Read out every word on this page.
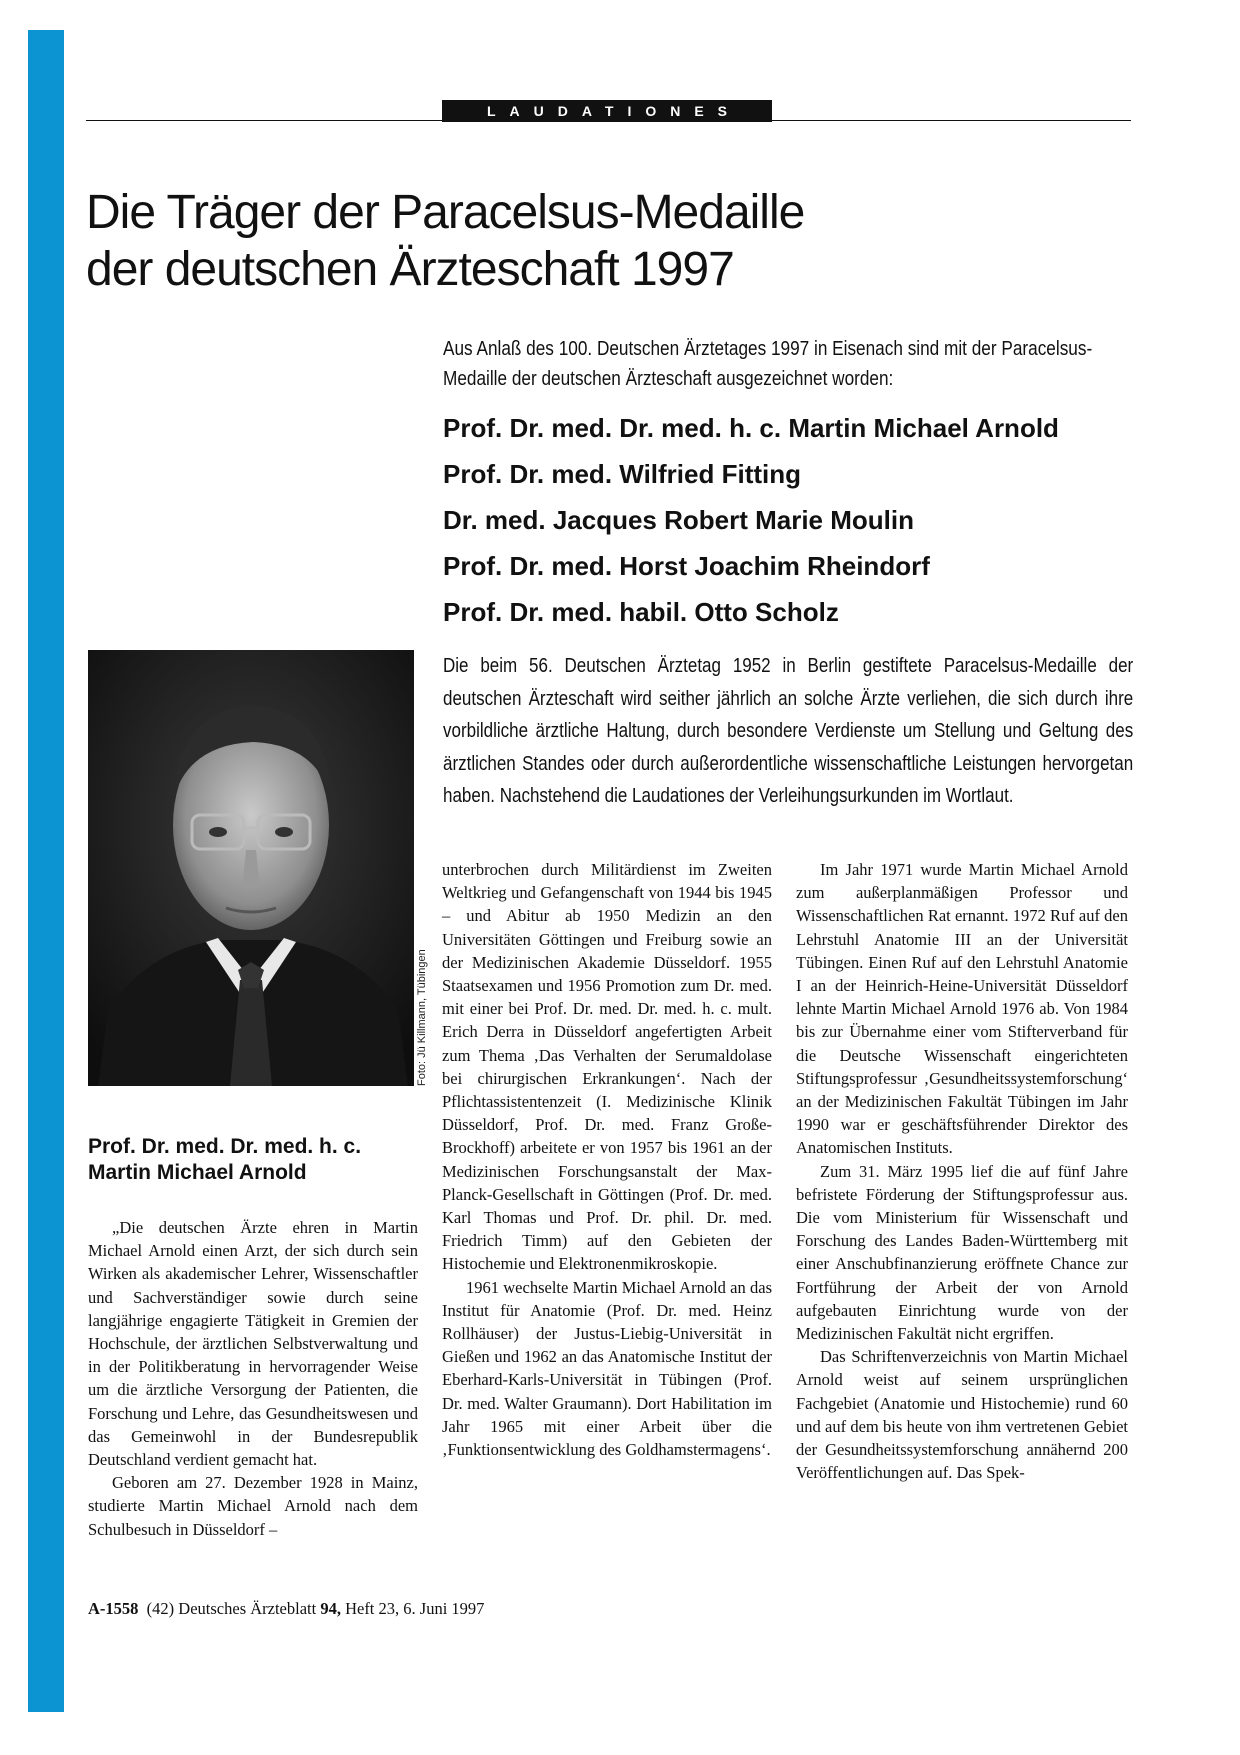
LAUDATIONES
Die Träger der Paracelsus-Medaille
der deutschen Ärzteschaft 1997

Aus Anlaß des 100. Deutschen Ärztetages 1997 in Eisenach sind mit der Paracelsus-Medaille der deutschen Ärzteschaft ausgezeichnet worden:

Prof. Dr. med. Dr. med. h. c. Martin Michael Arnold
Prof. Dr. med. Wilfried Fitting
Dr. med. Jacques Robert Marie Moulin
Prof. Dr. med. Horst Joachim Rheindorf
Prof. Dr. med. habil. Otto Scholz

Die beim 56. Deutschen Ärztetag 1952 in Berlin gestiftete Paracelsus-Medaille der deutschen Ärzteschaft wird seither jährlich an solche Ärzte verliehen, die sich durch ihre vorbildliche ärztliche Haltung, durch besondere Verdienste um Stellung und Geltung des ärztlichen Standes oder durch außerordentliche wissenschaftliche Leistungen hervorgetan haben. Nachstehend die Laudationes der Verleihungsurkunden im Wortlaut.

Foto: Jü Killmann, Tübingen
Prof. Dr. med. Dr. med. h. c.
Martin Michael Arnold

„Die deutschen Ärzte ehren in Martin Michael Arnold einen Arzt, der sich durch sein Wirken als akademischer Lehrer, Wissenschaftler und Sachverständiger sowie durch seine langjährige engagierte Tätigkeit in Gremien der Hochschule, der ärztlichen Selbstverwaltung und in der Politikberatung in hervorragender Weise um die ärztliche Versorgung der Patienten, die Forschung und Lehre, das Gesundheitswesen und das Gemeinwohl in der Bundesrepublik Deutschland verdient gemacht hat.

Geboren am 27. Dezember 1928 in Mainz, studierte Martin Michael Arnold nach dem Schulbesuch in Düsseldorf –

unterbrochen durch Militärdienst im Zweiten Weltkrieg und Gefangenschaft von 1944 bis 1945 – und Abitur ab 1950 Medizin an den Universitäten Göttingen und Freiburg sowie an der Medizinischen Akademie Düsseldorf. 1955 Staatsexamen und 1956 Promotion zum Dr. med. mit einer bei Prof. Dr. med. Dr. med. h. c. mult. Erich Derra in Düsseldorf angefertigten Arbeit zum Thema ‚Das Verhalten der Serumaldolase bei chirurgischen Erkrankungen‘. Nach der Pflichtassistentenzeit (I. Medizinische Klinik Düsseldorf, Prof. Dr. med. Franz Große-Brockhoff) arbeitete er von 1957 bis 1961 an der Medizinischen Forschungsanstalt der Max-Planck-Gesellschaft in Göttingen (Prof. Dr. med. Karl Thomas und Prof. Dr. phil. Dr. med. Friedrich Timm) auf den Gebieten der Histochemie und Elektronenmikroskopie.

1961 wechselte Martin Michael Arnold an das Institut für Anatomie (Prof. Dr. med. Heinz Rollhäuser) der Justus-Liebig-Universität in Gießen und 1962 an das Anatomische Institut der Eberhard-Karls-Universität in Tübingen (Prof. Dr. med. Walter Graumann). Dort Habilitation im Jahr 1965 mit einer Arbeit über die ‚Funktionsentwicklung des Goldhamstermagens‘.

Im Jahr 1971 wurde Martin Michael Arnold zum außerplanmäßigen Professor und Wissenschaftlichen Rat ernannt. 1972 Ruf auf den Lehrstuhl Anatomie III an der Universität Tübingen. Einen Ruf auf den Lehrstuhl Anatomie I an der Heinrich-Heine-Universität Düsseldorf lehnte Martin Michael Arnold 1976 ab. Von 1984 bis zur Übernahme einer vom Stifterverband für die Deutsche Wissenschaft eingerichteten Stiftungsprofessur ‚Gesundheitssystemforschung‘ an der Medizinischen Fakultät Tübingen im Jahr 1990 war er geschäftsführender Direktor des Anatomischen Instituts.

Zum 31. März 1995 lief die auf fünf Jahre befristete Förderung der Stiftungsprofessur aus. Die vom Ministerium für Wissenschaft und Forschung des Landes Baden-Württemberg mit einer Anschubfinanzierung eröffnete Chance zur Fortführung der Arbeit der von Arnold aufgebauten Einrichtung wurde von der Medizinischen Fakultät nicht ergriffen.

Das Schriftenverzeichnis von Martin Michael Arnold weist auf seinem ursprünglichen Fachgebiet (Anatomie und Histochemie) rund 60 und auf dem bis heute von ihm vertretenen Gebiet der Gesundheitssystemforschung annähernd 200 Veröffentlichungen auf. Das Spek-

A-1558 (42) Deutsches Ärzteblatt 94, Heft 23, 6. Juni 1997
